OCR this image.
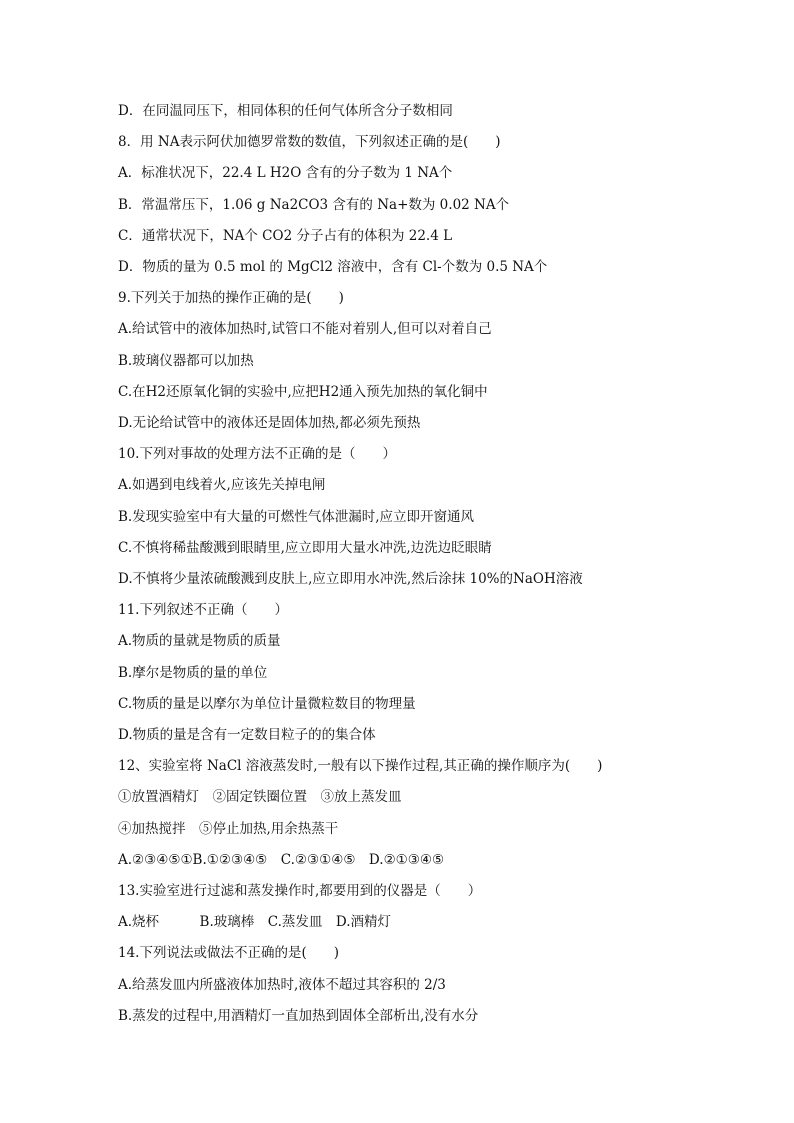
D．在同温同压下，相同体积的任何气体所含分子数相同
8．用 NA表示阿伏加德罗常数的数值，下列叙述正确的是(　　)
A．标准状况下，22.4 L H2O 含有的分子数为 1 NA个
B．常温常压下，1.06 g Na2CO3 含有的 Na+数为 0.02 NA个
C．通常状况下，NA个 CO2 分子占有的体积为 22.4 L
D．物质的量为 0.5 mol 的 MgCl2 溶液中，含有 Cl-个数为 0.5 NA个
9.下列关于加热的操作正确的是(　　)
A.给试管中的液体加热时,试管口不能对着别人,但可以对着自己
B.玻璃仪器都可以加热
C.在H2还原氧化铜的实验中,应把H2通入预先加热的氧化铜中
D.无论给试管中的液体还是固体加热,都必须先预热
10.下列对事故的处理方法不正确的是（　　）
A.如遇到电线着火,应该先关掉电闸
B.发现实验室中有大量的可燃性气体泄漏时,应立即开窗通风
C.不慎将稀盐酸溅到眼睛里,应立即用大量水冲洗,边洗边眨眼睛
D.不慎将少量浓硫酸溅到皮肤上,应立即用水冲洗,然后涂抹 10%的NaOH溶液
11.下列叙述不正确（　　）
A.物质的量就是物质的质量
B.摩尔是物质的量的单位
C.物质的量是以摩尔为单位计量微粒数目的物理量
D.物质的量是含有一定数目粒子的的集合体
12、实验室将 NaCl 溶液蒸发时,一般有以下操作过程,其正确的操作顺序为(　　)
①放置酒精灯　②固定铁圈位置　③放上蒸发皿
④加热搅拌　⑤停止加热,用余热蒸干
A.②③④⑤①B.①②③④⑤　C.②③①④⑤　D.②①③④⑤
13.实验室进行过滤和蒸发操作时,都要用到的仪器是（　　）
A.烧杯　　　B.玻璃棒　C.蒸发皿　D.酒精灯
14.下列说法或做法不正确的是(　　)
A.给蒸发皿内所盛液体加热时,液体不超过其容积的 2/3
B.蒸发的过程中,用酒精灯一直加热到固体全部析出,没有水分
